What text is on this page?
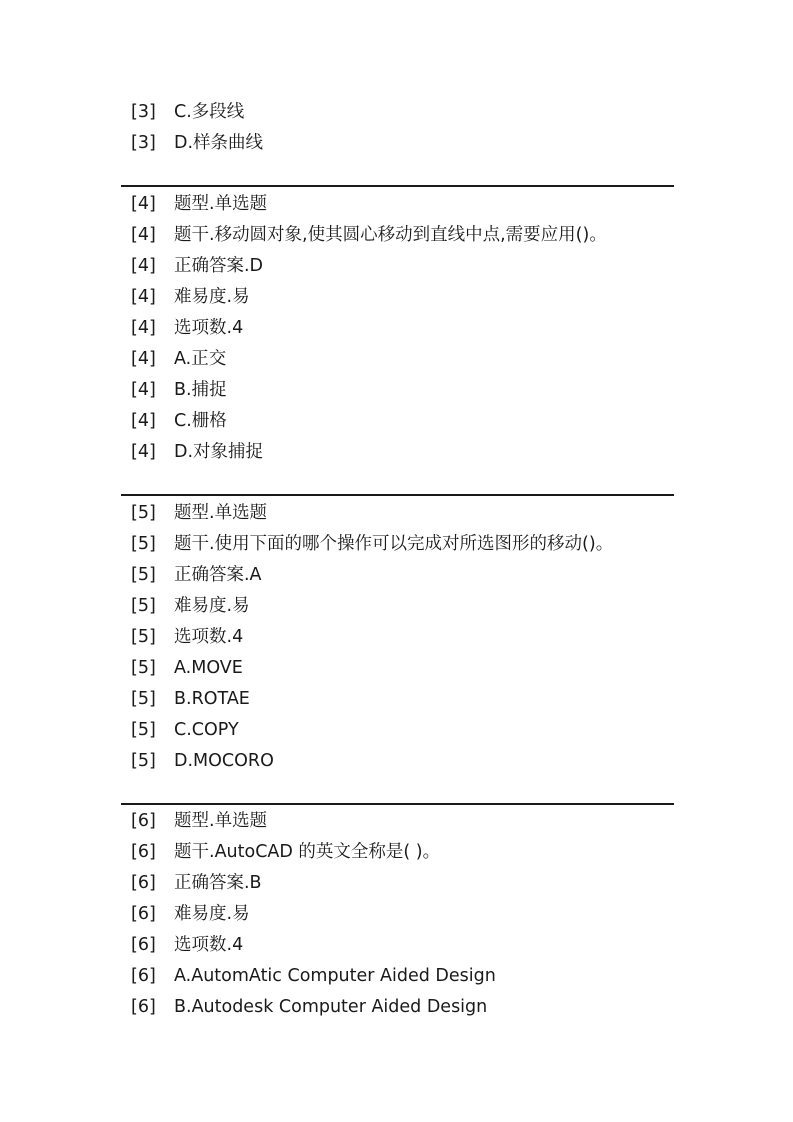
[3] C.多段线
[3] D.样条曲线
[4] 题型.单选题
[4] 题干.移动圆对象,使其圆心移动到直线中点,需要应用()。
[4] 正确答案.D
[4] 难易度.易
[4] 选项数.4
[4] A.正交
[4] B.捕捉
[4] C.栅格
[4] D.对象捕捉
[5] 题型.单选题
[5] 题干.使用下面的哪个操作可以完成对所选图形的移动()。
[5] 正确答案.A
[5] 难易度.易
[5] 选项数.4
[5] A.MOVE
[5] B.ROTAE
[5] C.COPY
[5] D.MOCORO
[6] 题型.单选题
[6] 题干.AutoCAD 的英文全称是( )。
[6] 正确答案.B
[6] 难易度.易
[6] 选项数.4
[6] A.AutomAtic Computer Aided Design
[6] B.Autodesk Computer Aided Design
